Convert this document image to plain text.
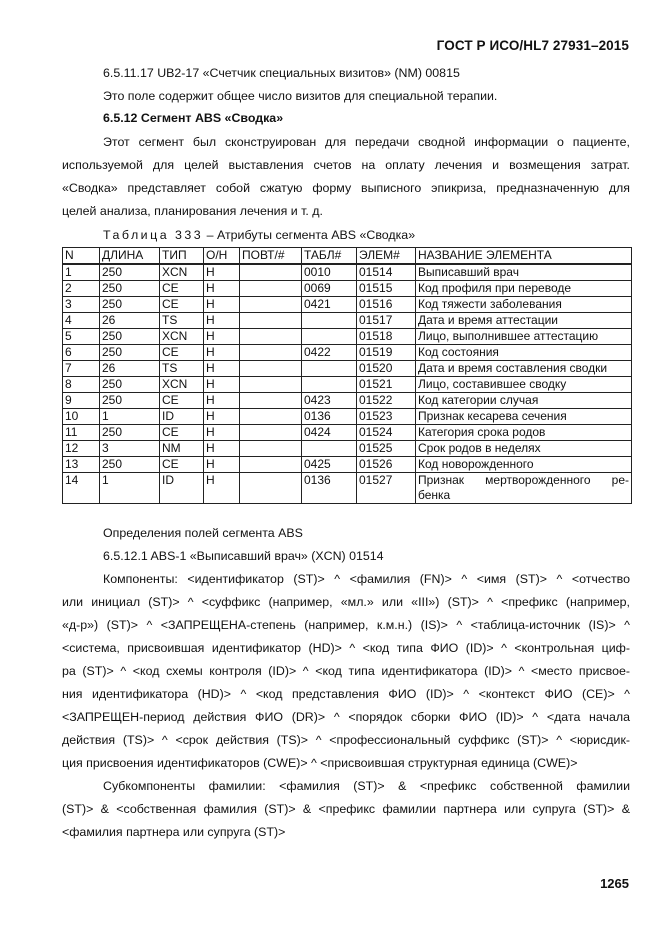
ГОСТ Р ИСО/HL7 27931–2015
6.5.11.17 UB2-17 «Счетчик специальных визитов» (NM) 00815
Это поле содержит общее число визитов для специальной терапии.
6.5.12 Сегмент ABS «Сводка»
Этот сегмент был сконструирован для передачи сводной информации о пациенте,
используемой для целей выставления счетов на оплату лечения и возмещения затрат.
«Сводка» представляет собой сжатую форму выписного эпикриза, предназначенную для
целей анализа, планирования лечения и т. д.
Таблица 333 – Атрибуты сегмента ABS «Сводка»
N	ДЛИНА	ТИП	О/Н	ПОВТ/#	ТАБЛ#	ЭЛЕМ#	НАЗВАНИЕ ЭЛЕМЕНТА
1	250	XCN	Н		0010	01514	Выписавший врач
2	250	CE	Н		0069	01515	Код профиля при переводе
3	250	CE	Н		0421	01516	Код тяжести заболевания
4	26	TS	Н			01517	Дата и время аттестации
5	250	XCN	Н			01518	Лицо, выполнившее аттестацию
6	250	CE	Н		0422	01519	Код состояния
7	26	TS	Н			01520	Дата и время составления сводки
8	250	XCN	Н			01521	Лицо, составившее сводку
9	250	CE	Н		0423	01522	Код категории случая
10	1	ID	Н		0136	01523	Признак кесарева сечения
11	250	CE	Н		0424	01524	Категория срока родов
12	3	NM	Н			01525	Срок родов в неделях
13	250	CE	Н		0425	01526	Код новорожденного
14	1	ID	Н		0136	01527	Признак мертворожденного ре-
бенка
Определения полей сегмента ABS
6.5.12.1 ABS-1 «Выписавший врач» (XCN) 01514
Компоненты: <идентификатор (ST)> ^ <фамилия (FN)> ^ <имя (ST)> ^ <отчество
или инициал (ST)> ^ <суффикс (например, «мл.» или «III») (ST)> ^ <префикс (например,
«д-р») (ST)> ^ <ЗАПРЕЩЕНА-степень (например, к.м.н.) (IS)> ^ <таблица-источник (IS)> ^
<система, присвоившая идентификатор (HD)> ^ <код типа ФИО (ID)> ^ <контрольная циф-
ра (ST)> ^ <код схемы контроля (ID)> ^ <код типа идентификатора (ID)> ^ <место присвое-
ния идентификатора (HD)> ^ <код представления ФИО (ID)> ^ <контекст ФИО (CE)> ^
<ЗАПРЕЩЕН-период действия ФИО (DR)> ^ <порядок сборки ФИО (ID)> ^ <дата начала
действия (TS)> ^ <срок действия (TS)> ^ <профессиональный суффикс (ST)> ^ <юрисдик-
ция присвоения идентификаторов (CWE)> ^ <присвоившая структурная единица (CWE)>
Субкомпоненты фамилии: <фамилия (ST)> & <префикс собственной фамилии
(ST)> & <собственная фамилия (ST)> & <префикс фамилии партнера или супруга (ST)> &
<фамилия партнера или супруга (ST)>
1265
